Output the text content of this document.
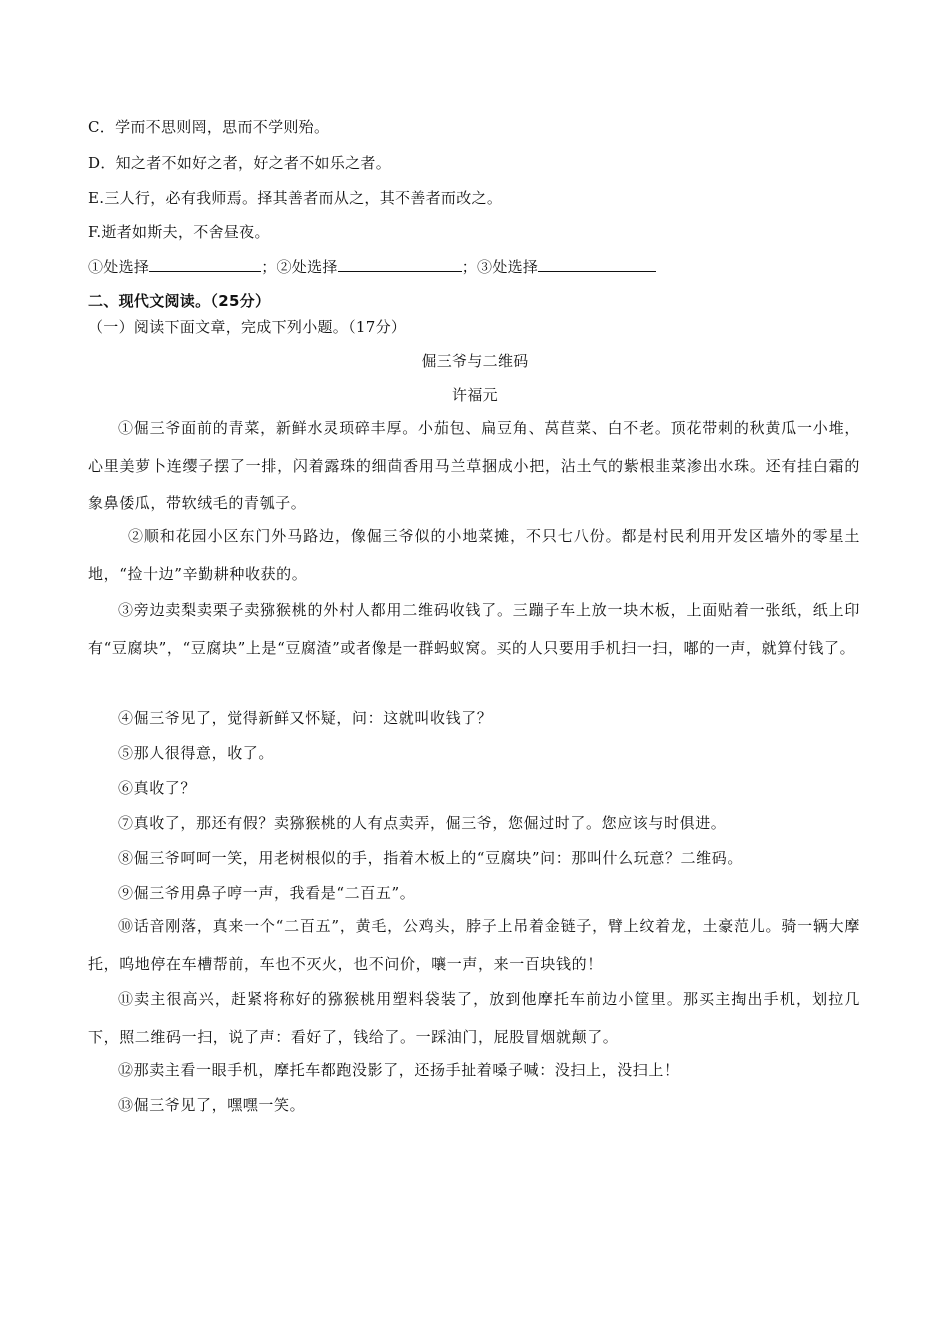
C．学而不思则罔，思而不学则殆。
D．知之者不如好之者，好之者不如乐之者。
E.三人行，必有我师焉。择其善者而从之，其不善者而改之。
F.逝者如斯夫，不舍昼夜。
①处选择	；②处选择	；③处选择
二、现代文阅读。（25分）
（一）阅读下面文章，完成下列小题。（17分）
倔三爷与二维码
许福元
①倔三爷面前的青菜，新鲜水灵顼碎丰厚。小茄包、扁豆角、莴苣菜、白不老。顶花带刺的秋黄瓜一小堆，心里美萝卜连缨子摆了一排，闪着露珠的细茴香用马兰草捆成小把，沾土气的紫根韭菜渗出水珠。还有挂白霜的象鼻倭瓜，带软绒毛的青瓠子。
②顺和花园小区东门外马路边，像倔三爷似的小地菜摊，不只七八份。都是村民利用开发区墙外的零星土地，“捡十边”辛勤耕种收获的。
③旁边卖梨卖栗子卖猕猴桃的外村人都用二维码收钱了。三蹦子车上放一块木板，上面贴着一张纸，纸上印有“豆腐块”，“豆腐块”上是“豆腐渣”或者像是一群蚂蚁窝。买的人只要用手机扫一扫，嘟的一声，就算付钱了。
④倔三爷见了，觉得新鲜又怀疑，问：这就叫收钱了？
⑤那人很得意，收了。
⑥真收了？
⑦真收了，那还有假？卖猕猴桃的人有点卖弄，倔三爷，您倔过时了。您应该与时俱进。
⑧倔三爷呵呵一笑，用老树根似的手，指着木板上的“豆腐块”问：那叫什么玩意？二维码。
⑨倔三爷用鼻子哼一声，我看是“二百五”。
⑩话音刚落，真来一个“二百五”，黄毛，公鸡头，脖子上吊着金链子，臂上纹着龙，土豪范儿。骑一辆大摩托，呜地停在车槽帮前，车也不灭火，也不问价，嚷一声，来一百块钱的！
⑪卖主很高兴，赶紧将称好的猕猴桃用塑料袋装了，放到他摩托车前边小筐里。那买主掏出手机，划拉几下，照二维码一扫，说了声：看好了，钱给了。一踩油门，屁股冒烟就颠了。
⑫那卖主看一眼手机，摩托车都跑没影了，还扬手扯着嗓子喊：没扫上，没扫上！
⑬倔三爷见了，嘿嘿一笑。
